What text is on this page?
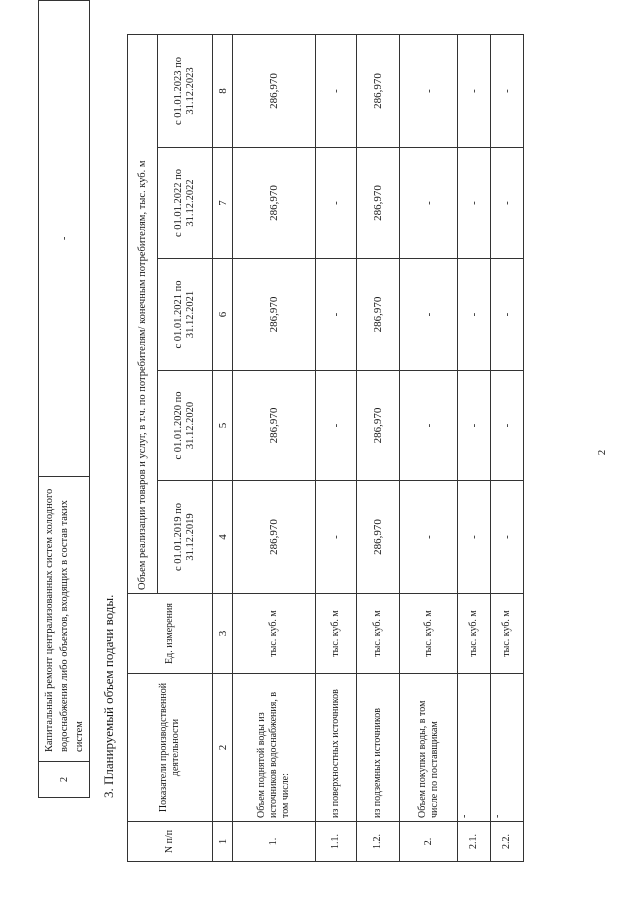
2
2	Капитальный ремонт централизованных систем холодного водоснабжения либо объектов, входящих в состав таких систем	-
3. Планируемый объем подачи воды.
N п/п	Показатели производственной деятельности	Ед. измерения	Объем реализации товаров и услуг, в т.ч. по потребителям/ конечным потребителям, тыс. куб. м				
			с 01.01.2019 по 31.12.2019	с 01.01.2020 по 31.12.2020	с 01.01.2021 по 31.12.2021	с 01.01.2022 по 31.12.2022	с 01.01.2023 по 31.12.2023
1	2	3	4	5	6	7	8
1.	Объем поднятой воды из источников водоснабжения, в том числе:	тыс. куб. м	286,970	286,970	286,970	286,970	286,970
1.1.	из поверхностных источников	тыс. куб. м	-	-	-	-	-
1.2.	из подземных источников	тыс. куб. м	286,970	286,970	286,970	286,970	286,970
2.	Объем покупки воды, в том числе по поставщикам	тыс. куб. м	-	-	-	-	-
2.1.	-	тыс. куб. м	-	-	-	-	-
2.2.	-	тыс. куб. м	-	-	-	-	-
